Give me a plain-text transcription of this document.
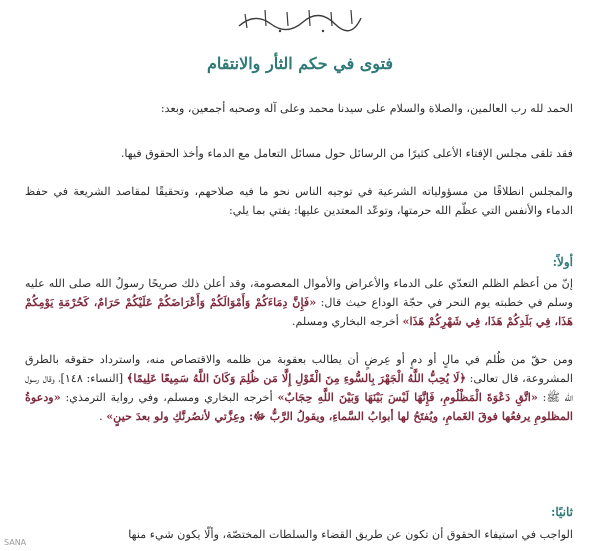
فتوى في حكم الثأر والانتقام
الحمد لله رب العالمين، والصلاة والسلام على سيدنا محمد وعلى آله وصحبه أجمعين، وبعد:
فقد تلقى مجلس الإفتاء الأعلى كثيرًا من الرسائل حول مسائل التعامل مع الدماء وأخذ الحقوق فيها.
والمجلس انطلاقًا من مسؤولياته الشرعية في توجيه الناس نحو ما فيه صلاحهم، وتحقيقًا لمقاصد الشريعة في حفظ الدماء والأنفس التي عظّم الله حرمتها، وتوعّد المعتدين عليها: يفتي بما يلي:
أولاً:
إنّ من أعظم الظلم التعدّي على الدماء والأعراض والأموال المعصومة، وقد أعلن ذلك صريحًا رسولُ الله صلى الله عليه وسلم في خطبته يوم النحر في حجّة الوداع حيث قال: «فَإِنَّ دِمَاءَكُمْ وَأَمْوَالَكُمْ وَأَعْرَاضَكُمْ عَلَيْكُمْ حَرَامٌ، كَحُرْمَةِ يَوْمِكُمْ هَذَا، فِي بَلَدِكُمْ هَذَا، فِي شَهْرِكُمْ هَذَا» أخرجه البخاري ومسلم.
ومن حقّ من ظُلم في مالٍ أو دمٍ أو عِرضٍ أن يطالب بعقوبة من ظلمه والاقتصاص منه، واسترداد حقوقه بالطرق المشروعة، قال تعالى: ﴿لَا يُحِبُّ اللَّهُ الْجَهْرَ بِالسُّوءِ مِنَ الْقَوْلِ إِلَّا مَن ظُلِمَ وَكَانَ اللَّهُ سَمِيعًا عَلِيمًا﴾ [النساء: ١٤٨]، وقال رسول الله ﷺ: «اتَّقِ دَعْوَةَ الْمَظْلُومِ، فَإِنَّهَا لَيْسَ بَيْنَهَا وَبَيْنَ اللَّهِ حِجَابٌ» أخرجه البخاري ومسلم، وفي رواية الترمذي: «ودعوةُ المظلومِ يرفعُها فوقَ الغَمامِ، ويُفتَحُ لها أبوابُ السَّماءِ، ويقولُ الرَّبُّ ﷻ: وعِزَّتي لأنصُرنَّكِ ولو بعدَ حينٍ» .
ثانيًا:
الواجب في استيفاء الحقوق أن تكون عن طريق القضاء والسلطات المختصّة، وألّا يكون شيء منها
SANA
